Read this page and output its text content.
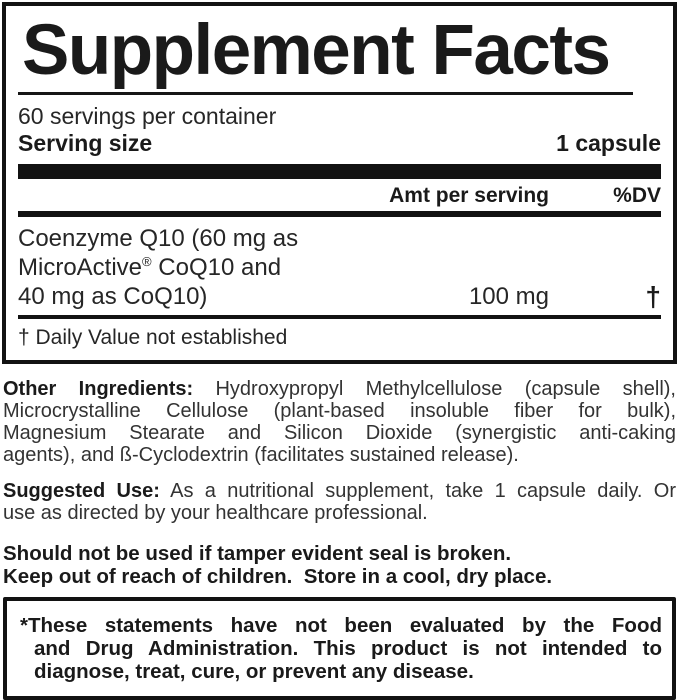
Supplement Facts
60 servings per container
Serving size	1 capsule
Amt per serving	%DV
Coenzyme Q10 (60 mg as
MicroActive® CoQ10 and
40 mg as CoQ10)	100 mg	†
† Daily Value not established

Other Ingredients: Hydroxypropyl Methylcellulose (capsule shell),
Microcrystalline Cellulose (plant-based insoluble fiber for bulk),
Magnesium Stearate and Silicon Dioxide (synergistic anti-caking
agents), and ß-Cyclodextrin (facilitates sustained release).

Suggested Use: As a nutritional supplement, take 1 capsule daily. Or
use as directed by your healthcare professional.

Should not be used if tamper evident seal is broken.
Keep out of reach of children.  Store in a cool, dry place.

*These statements have not been evaluated by the Food
and Drug Administration. This product is not intended to
diagnose, treat, cure, or prevent any disease.
